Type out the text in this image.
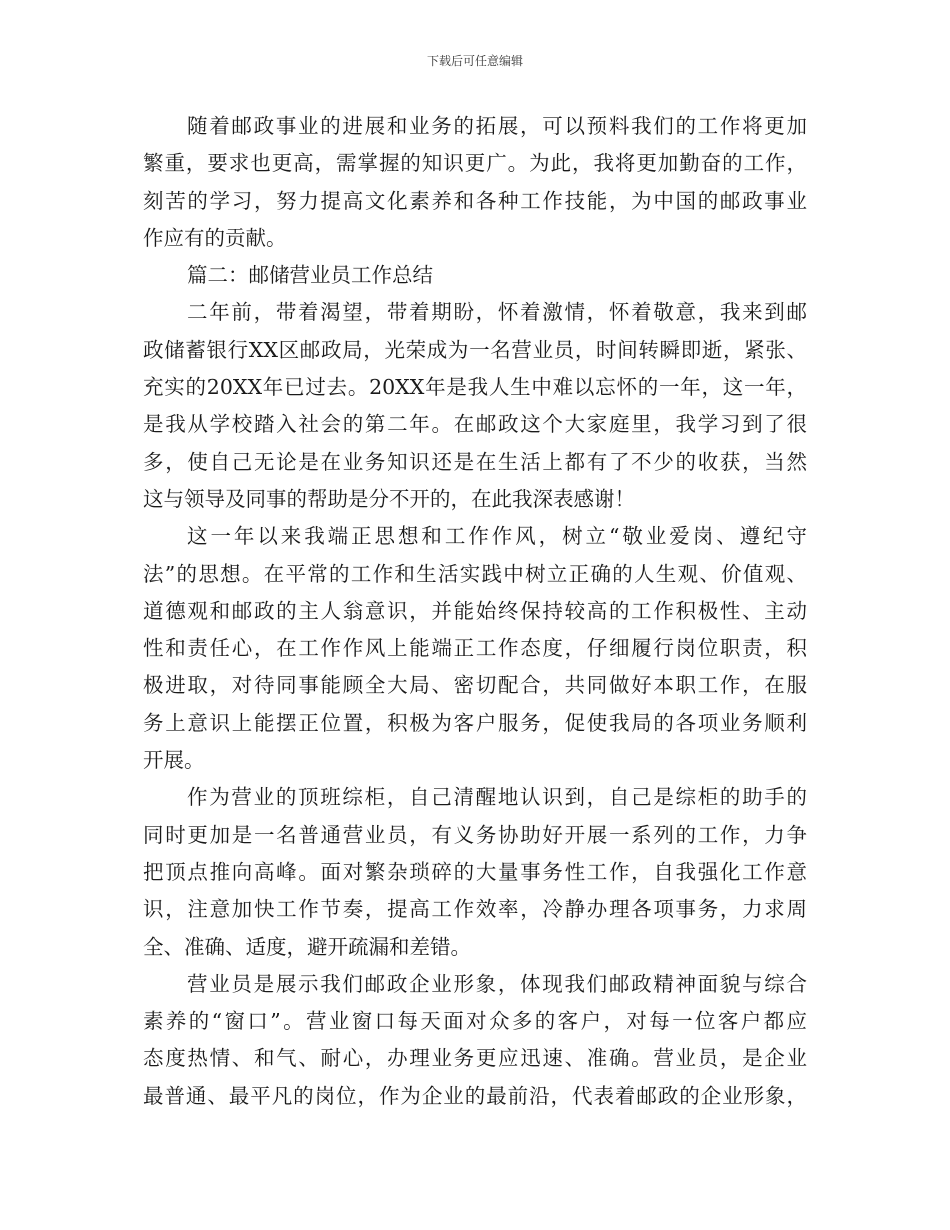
下载后可任意编辑
随着邮政事业的进展和业务的拓展，可以预料我们的工作将更加
繁重，要求也更高，需掌握的知识更广。为此，我将更加勤奋的工作，
刻苦的学习，努力提高文化素养和各种工作技能，为中国的邮政事业
作应有的贡献。
篇二：邮储营业员工作总结
二年前，带着渴望，带着期盼，怀着激情，怀着敬意，我来到邮
政储蓄银行XX区邮政局，光荣成为一名营业员，时间转瞬即逝，紧张、
充实的20XX年已过去。20XX年是我人生中难以忘怀的一年，这一年，
是我从学校踏入社会的第二年。在邮政这个大家庭里，我学习到了很
多，使自己无论是在业务知识还是在生活上都有了不少的收获，当然
这与领导及同事的帮助是分不开的，在此我深表感谢！
这一年以来我端正思想和工作作风，树立“敬业爱岗、遵纪守
法”的思想。在平常的工作和生活实践中树立正确的人生观、价值观、
道德观和邮政的主人翁意识，并能始终保持较高的工作积极性、主动
性和责任心，在工作作风上能端正工作态度，仔细履行岗位职责，积
极进取，对待同事能顾全大局、密切配合，共同做好本职工作，在服
务上意识上能摆正位置，积极为客户服务，促使我局的各项业务顺利
开展。
作为营业的顶班综柜，自己清醒地认识到，自己是综柜的助手的
同时更加是一名普通营业员，有义务协助好开展一系列的工作，力争
把顶点推向高峰。面对繁杂琐碎的大量事务性工作，自我强化工作意
识，注意加快工作节奏，提高工作效率，冷静办理各项事务，力求周
全、准确、适度，避开疏漏和差错。
营业员是展示我们邮政企业形象，体现我们邮政精神面貌与综合
素养的“窗口”。营业窗口每天面对众多的客户，对每一位客户都应
态度热情、和气、耐心，办理业务更应迅速、准确。营业员，是企业
最普通、最平凡的岗位，作为企业的最前沿，代表着邮政的企业形象，
